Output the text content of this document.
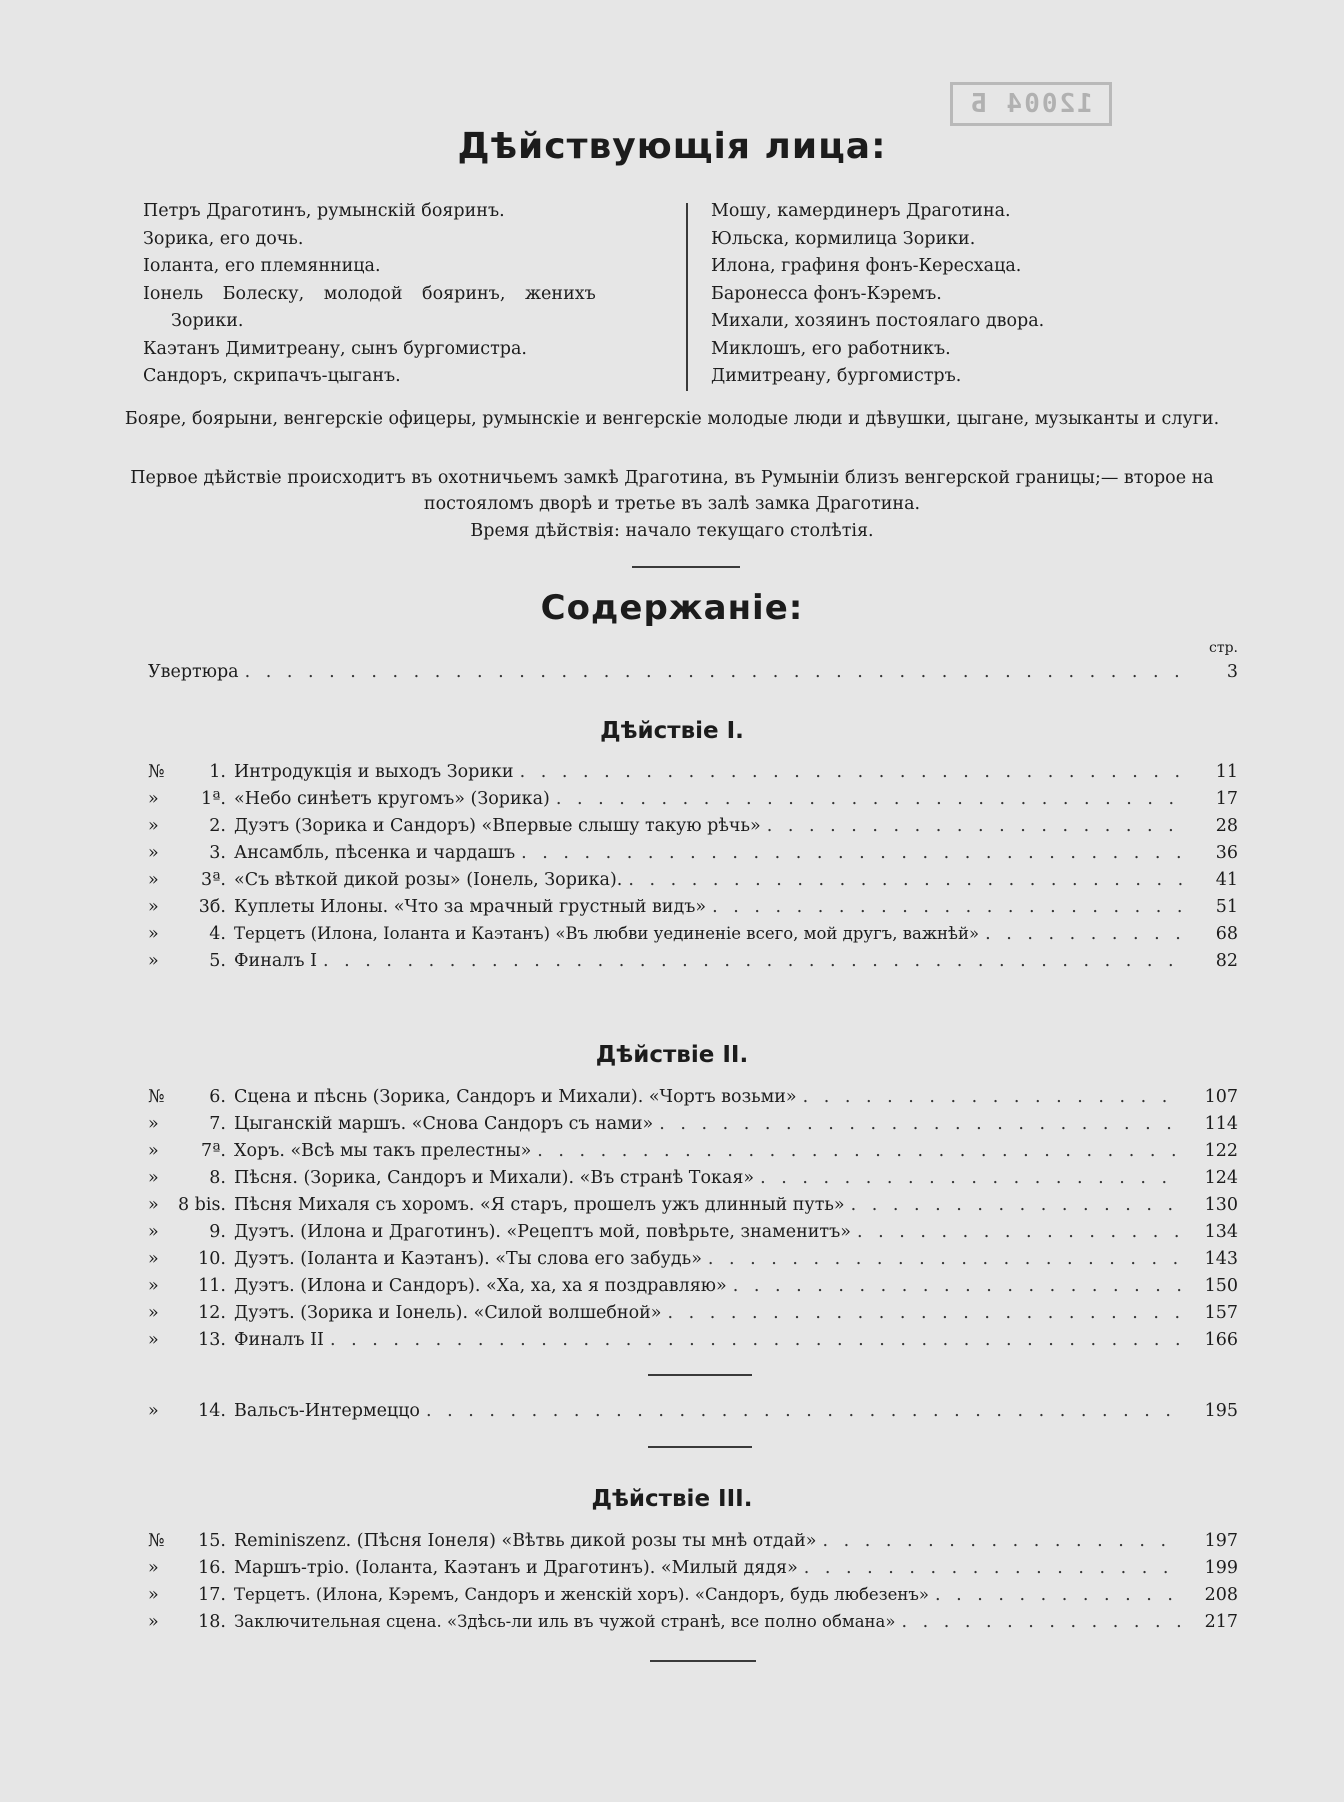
12004 Б
Дѣйствующія лица:
Петръ Драготинъ, румынскій бояринъ.
Зорика, его дочь.
Іоланта, его племянница.
Іонель Болеску, молодой бояринъ, женихъ
Зорики.
Каэтанъ Димитреану, сынъ бургомистра.
Сандоръ, скрипачъ-цыганъ.
Мошу, камердинеръ Драготина.
Юльска, кормилица Зорики.
Илона, графиня фонъ-Кересхаца.
Баронесса фонъ-Кэремъ.
Михали, хозяинъ постоялаго двора.
Миклошъ, его работникъ.
Димитреану, бургомистръ.
Бояре, боярыни, венгерскіе офицеры, румынскіе и венгерскіе молодые люди и дѣвушки, цыгане, музыканты и слуги.
Первое дѣйствіе происходитъ въ охотничьемъ замкѣ Драготина, въ Румыніи близъ венгерской границы;— второе на постояломъ дворѣ и третье въ залѣ замка Драготина.
Время дѣйствія: начало текущаго столѣтія.
Содержаніе:
стр.
Увертюра . . .	3
Дѣйствіе I.
№	1. Интродукція и выходъ Зорики . . .	11
»	1ª. «Небо синѣетъ кругомъ» (Зорика) . . .	17
»	2. Дуэтъ (Зорика и Сандоръ) «Впервые слышу такую рѣчь» . . .	28
»	3. Ансамбль, пѣсенка и чардашъ . . .	36
»	3ª. «Съ вѣткой дикой розы» (Іонель, Зорика). . . .	41
»	3б. Куплеты Илоны. «Что за мрачный грустный видъ» . . .	51
»	4. Терцетъ (Илона, Іоланта и Каэтанъ) «Въ любви уединеніе всего, мой другъ, важнѣй» . . .	68
»	5. Финалъ I . . .	82
Дѣйствіе II.
№	6. Сцена и пѣснь (Зорика, Сандоръ и Михали). «Чортъ возьми» . . .	107
»	7. Цыганскій маршъ. «Снова Сандоръ съ нами» . . .	114
»	7ª. Хоръ. «Всѣ мы такъ прелестны» . . .	122
»	8. Пѣсня. (Зорика, Сандоръ и Михали). «Въ странѣ Токая» . . .	124
»	8 bis. Пѣсня Михаля съ хоромъ. «Я старъ, прошелъ ужъ длинный путь» . . .	130
»	9. Дуэтъ. (Илона и Драготинъ). «Рецептъ мой, повѣрьте, знаменитъ» . . .	134
»	10. Дуэтъ. (Іоланта и Каэтанъ). «Ты слова его забудь» . . .	143
»	11. Дуэтъ. (Илона и Сандоръ). «Ха, ха, ха я поздравляю» . . .	150
»	12. Дуэтъ. (Зорика и Іонель). «Силой волшебной» . . .	157
»	13. Финалъ II . . .	166
»	14. Вальсъ-Интермеццо . . .	195
Дѣйствіе III.
№	15. Reminiszenz. (Пѣсня Іонеля) «Вѣтвь дикой розы ты мнѣ отдай» . . .	197
»	16. Маршъ-тріо. (Іоланта, Каэтанъ и Драготинъ). «Милый дядя» . . .	199
»	17. Терцетъ. (Илона, Кэремъ, Сандоръ и женскій хоръ). «Сандоръ, будь любезенъ» . . .	208
»	18. Заключительная сцена. «Здѣсь-ли иль въ чужой странѣ, все полно обмана» . . .	217
